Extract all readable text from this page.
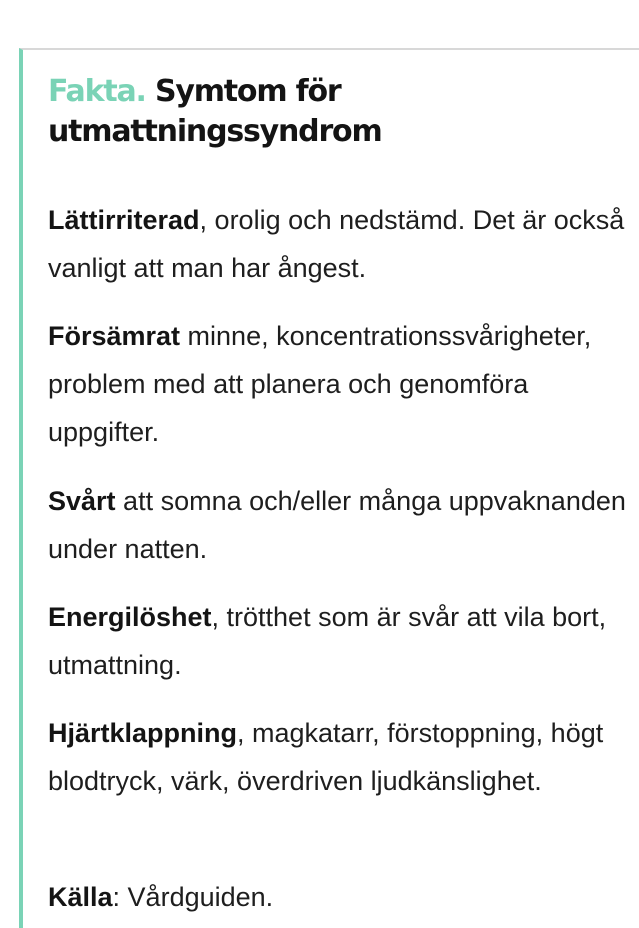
Fakta. Symtom för utmattningssyndrom

Lättirriterad, orolig och nedstämd. Det är också vanligt att man har ångest.

Försämrat minne, koncentrationssvårigheter, problem med att planera och genomföra uppgifter.

Svårt att somna och/eller många uppvaknanden under natten.

Energilöshet, trötthet som är svår att vila bort, utmattning.

Hjärtklappning, magkatarr, förstoppning, högt blodtryck, värk, överdriven ljudkänslighet.

Källa: Vårdguiden.
